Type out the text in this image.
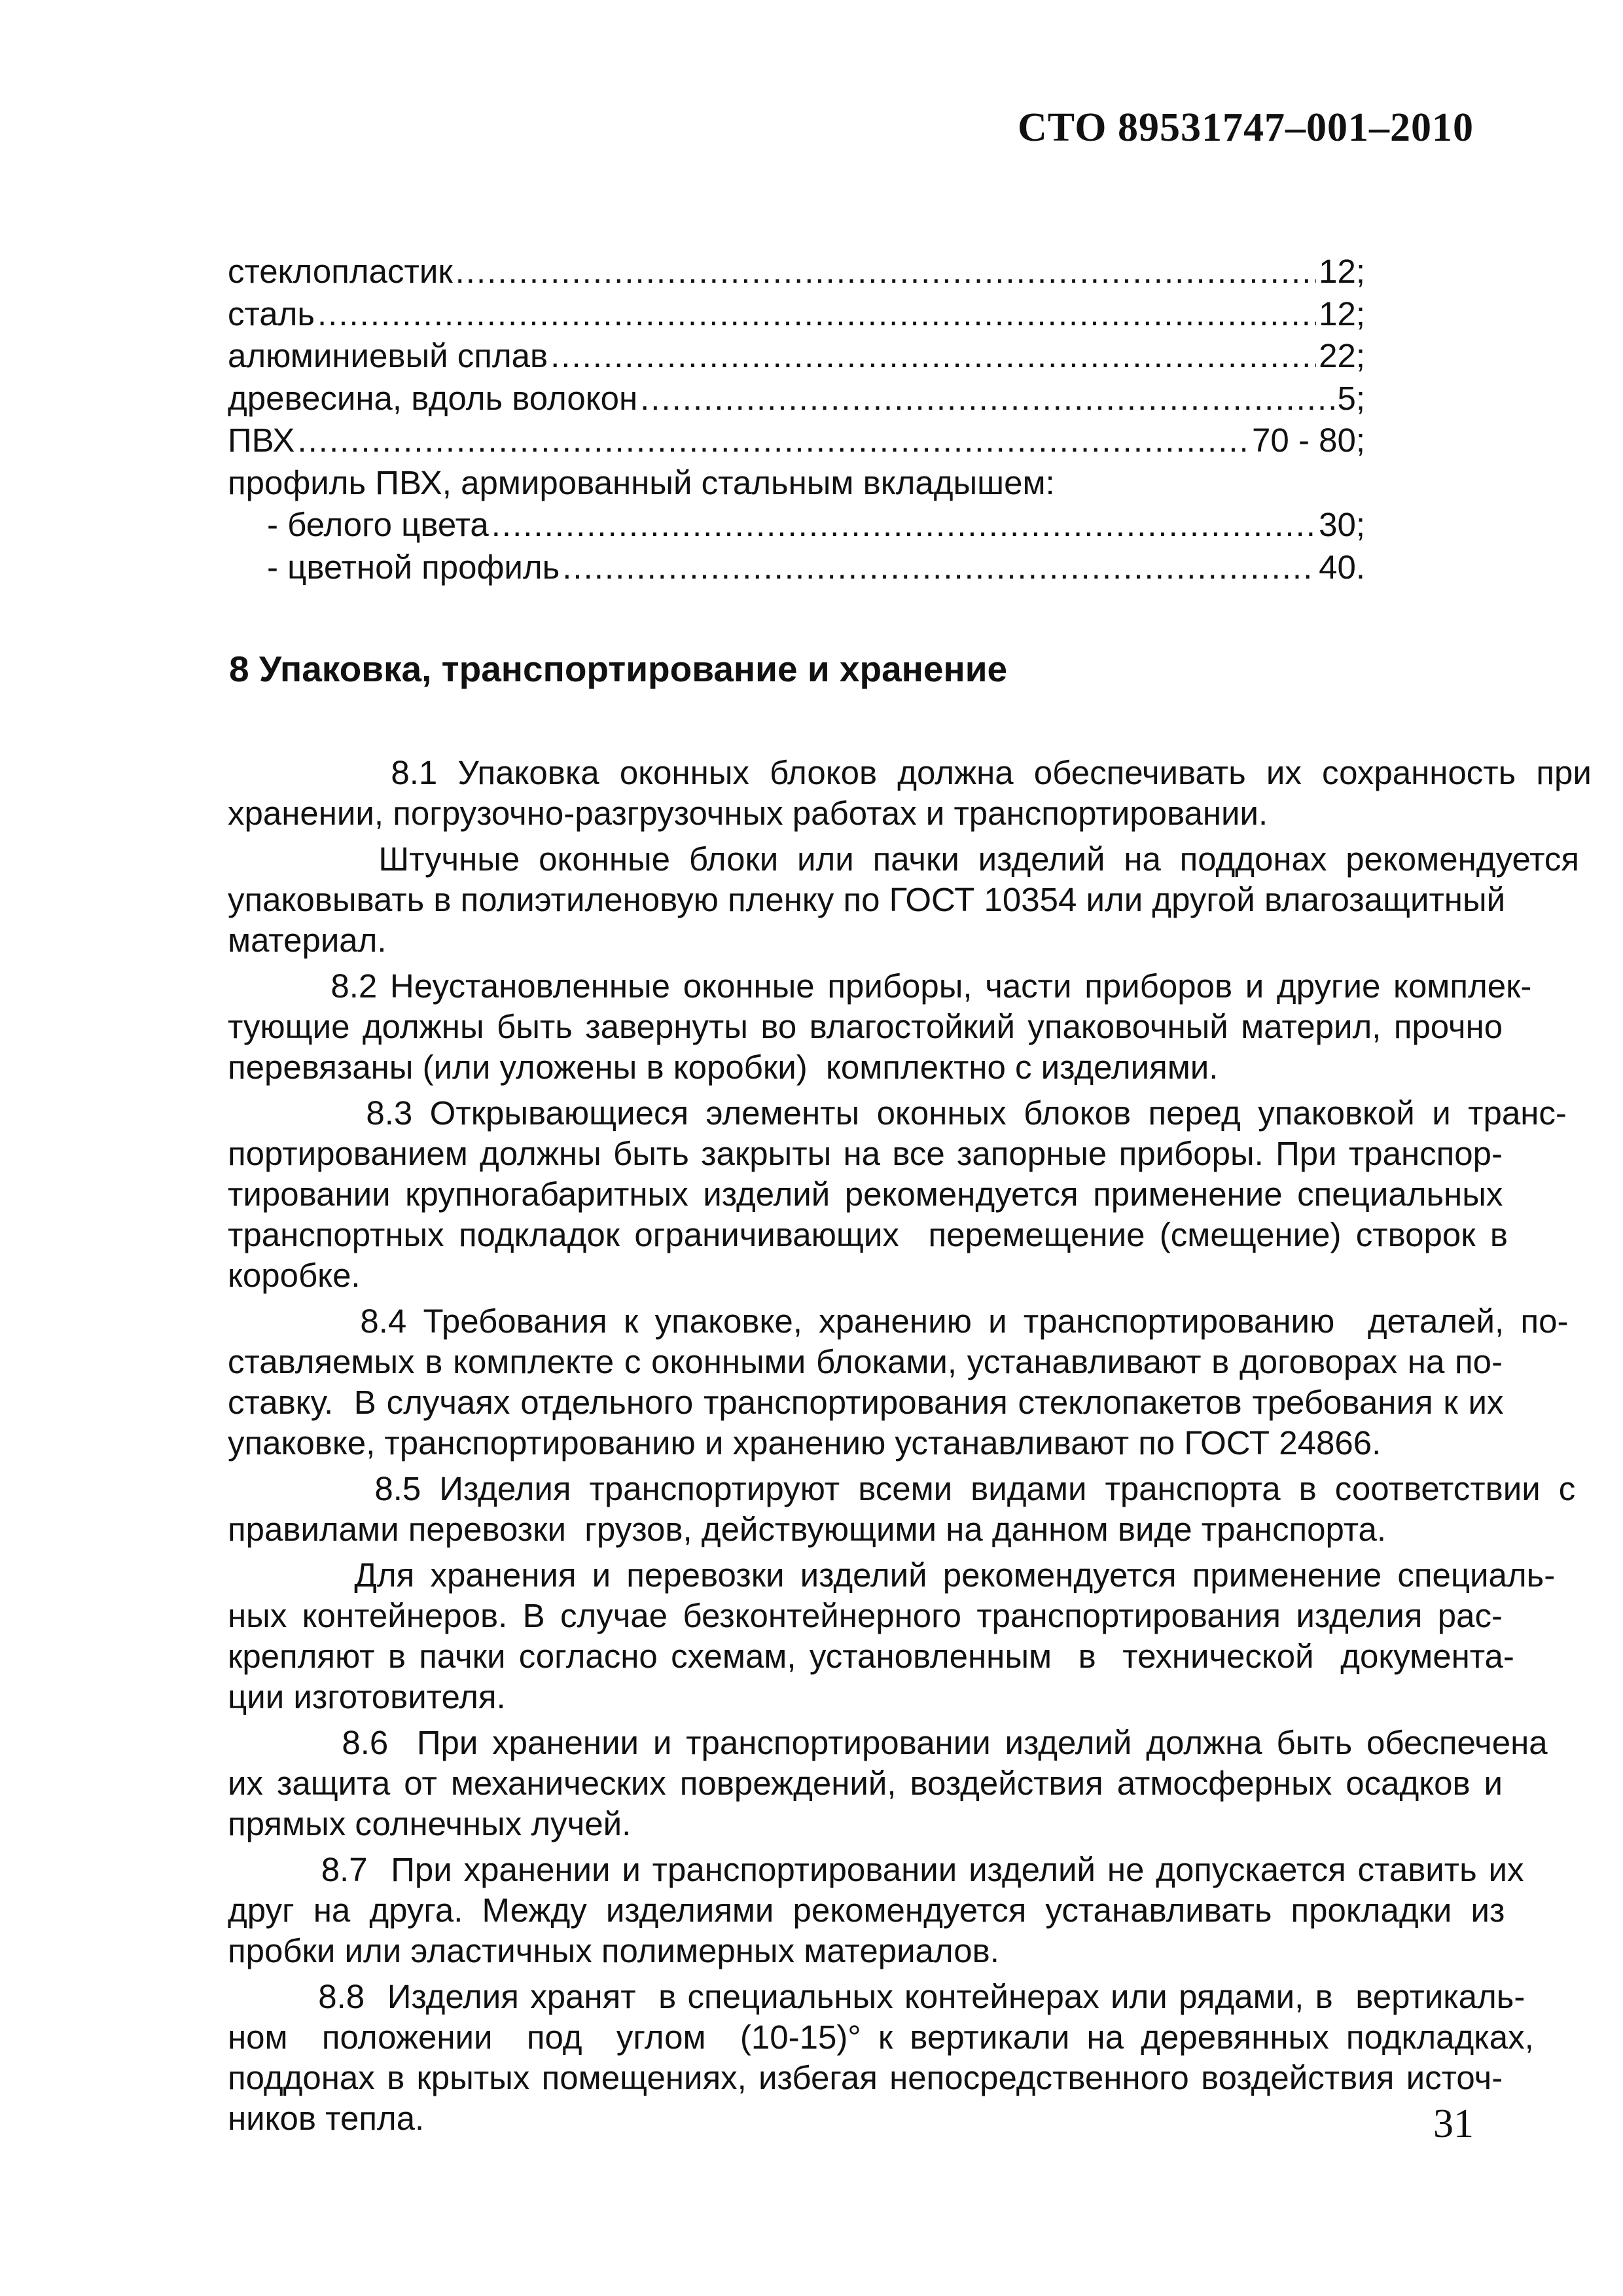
СТО 89531747–001–2010
стеклопластик .....	12;
сталь .....	12;
алюминиевый сплав .....	22;
древесина, вдоль волокон .....	5;
ПВХ .....	70 - 80;
профиль ПВХ, армированный стальным вкладышем:
- белого цвета .....	30;
- цветной профиль .....	40.
8 Упаковка, транспортирование и хранение

8.1 Упаковка оконных блоков должна обеспечивать их сохранность при
хранении, погрузочно-разгрузочных работах и транспортировании.

Штучные оконные блоки или пачки изделий на поддонах рекомендуется
упаковывать в полиэтиленовую пленку по ГОСТ 10354 или другой влагозащитный
материал.

8.2 Неустановленные оконные приборы, части приборов и другие комплек-
тующие должны быть завернуты во влагостойкий упаковочный материл, прочно
перевязаны (или уложены в коробки)  комплектно с изделиями.

8.3 Открывающиеся элементы оконных блоков перед упаковкой и транс-
портированием должны быть закрыты на все запорные приборы. При транспор-
тировании крупногабаритных изделий рекомендуется применение специальных
транспортных подкладок ограничивающих  перемещение (смещение) створок в
коробке.

8.4 Требования к упаковке, хранению и транспортированию  деталей, по-
ставляемых в комплекте с оконными блоками, устанавливают в договорах на по-
ставку.  В случаях отдельного транспортирования стеклопакетов требования к их
упаковке, транспортированию и хранению устанавливают по ГОСТ 24866.

8.5 Изделия транспортируют всеми видами транспорта в соответствии с
правилами перевозки  грузов, действующими на данном виде транспорта.

Для хранения и перевозки изделий рекомендуется применение специаль-
ных контейнеров. В случае безконтейнерного транспортирования изделия рас-
крепляют в пачки согласно схемам, установленным  в  технической  документа-
ции изготовителя.

8.6  При хранении и транспортировании изделий должна быть обеспечена
их защита от механических повреждений, воздействия атмосферных осадков и
прямых солнечных лучей.

8.7  При хранении и транспортировании изделий не допускается ставить их
друг  на  друга.  Между  изделиями  рекомендуется  устанавливать  прокладки  из
пробки или эластичных полимерных материалов.

8.8  Изделия хранят  в специальных контейнерах или рядами, в  вертикаль-
ном  положении  под  углом  (10-15)° к вертикали на деревянных подкладках,
поддонах в крытых помещениях, избегая непосредственного воздействия источ-
ников тепла.	31
